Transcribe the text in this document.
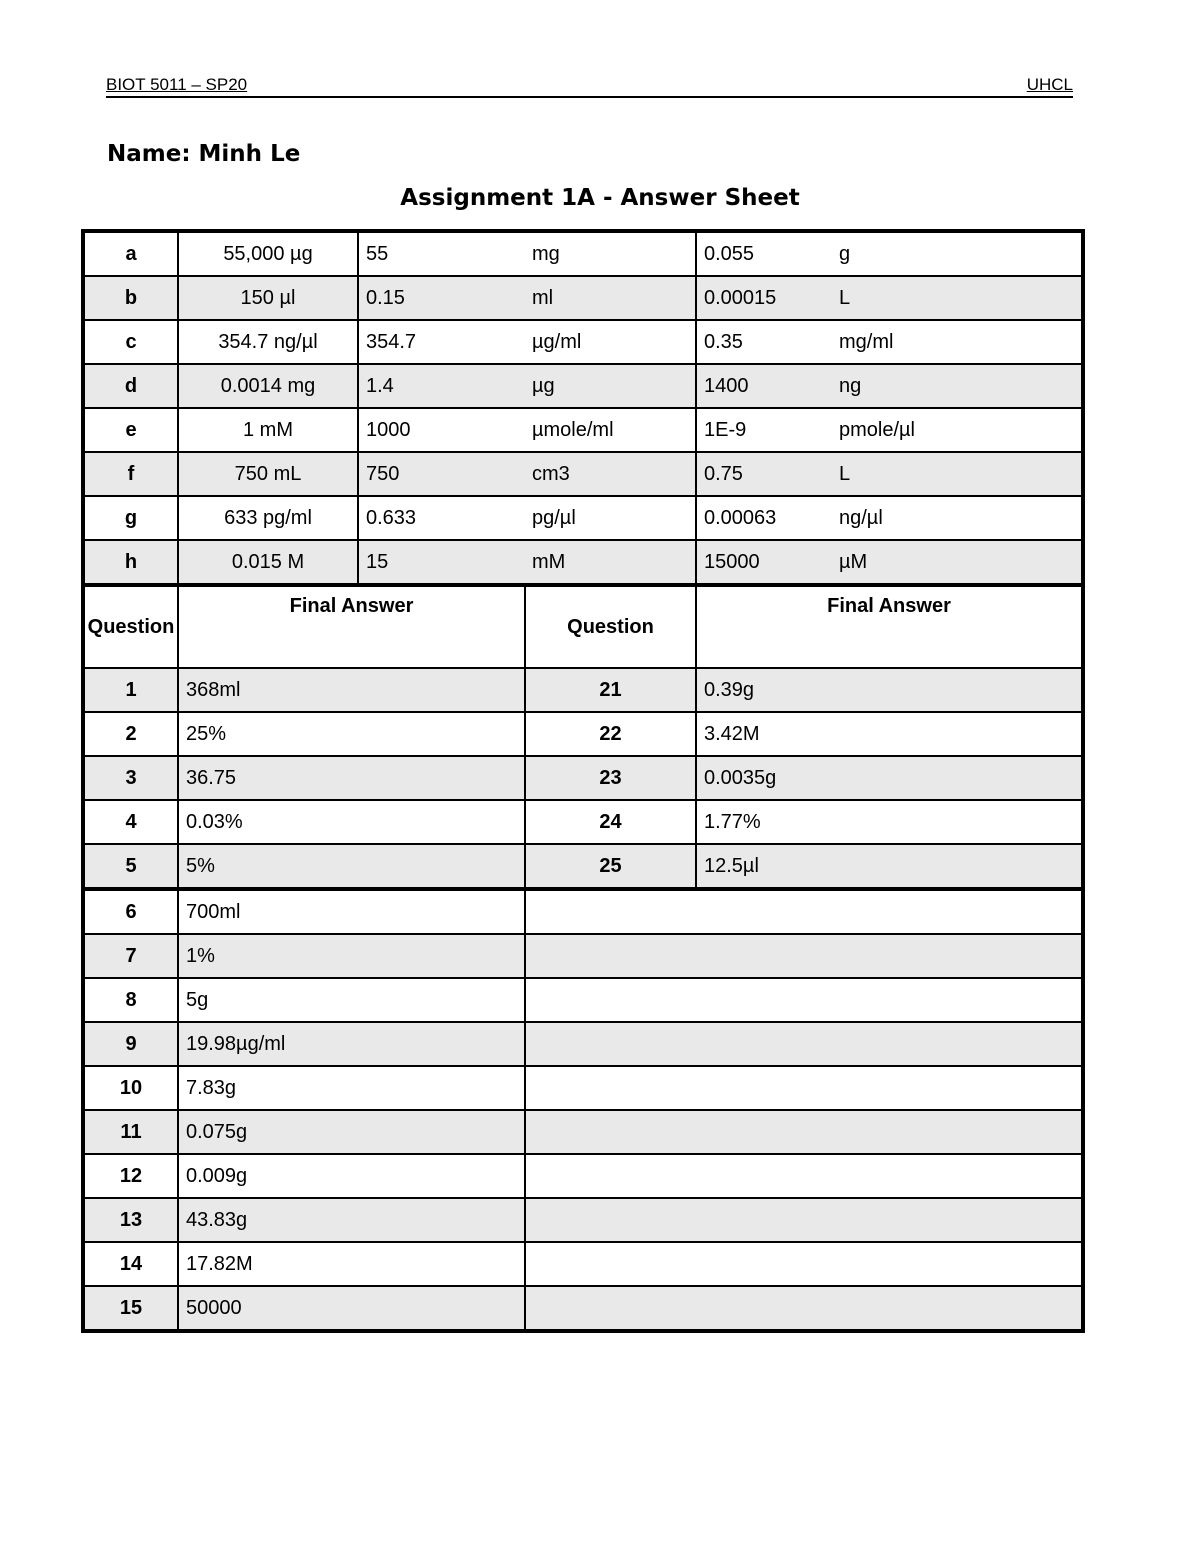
BIOT 5011 – SP20	UHCL
Name: Minh Le
Assignment 1A - Answer Sheet
a	55,000 µg	55	mg	0.055	g
b	150 µl	0.15	ml	0.00015	L
c	354.7 ng/µl	354.7	µg/ml	0.35	mg/ml
d	0.0014 mg	1.4	µg	1400	ng
e	1 mM	1000	µmole/ml	1E-9	pmole/µl
f	750 mL	750	cm3	0.75	L
g	633 pg/ml	0.633	pg/µl	0.00063	ng/µl
h	0.015 M	15	mM	15000	µM
Question	Final Answer		Question	Final Answer	
1	368ml		21	0.39g	
2	25%		22	3.42M	
3	36.75		23	0.0035g	
4	0.03%		24	1.77%	
5	5%		25	12.5µl	
6	700ml				
7	1%				
8	5g				
9	19.98µg/ml				
10	7.83g				
11	0.075g				
12	0.009g				
13	43.83g				
14	17.82M				
15	50000				
